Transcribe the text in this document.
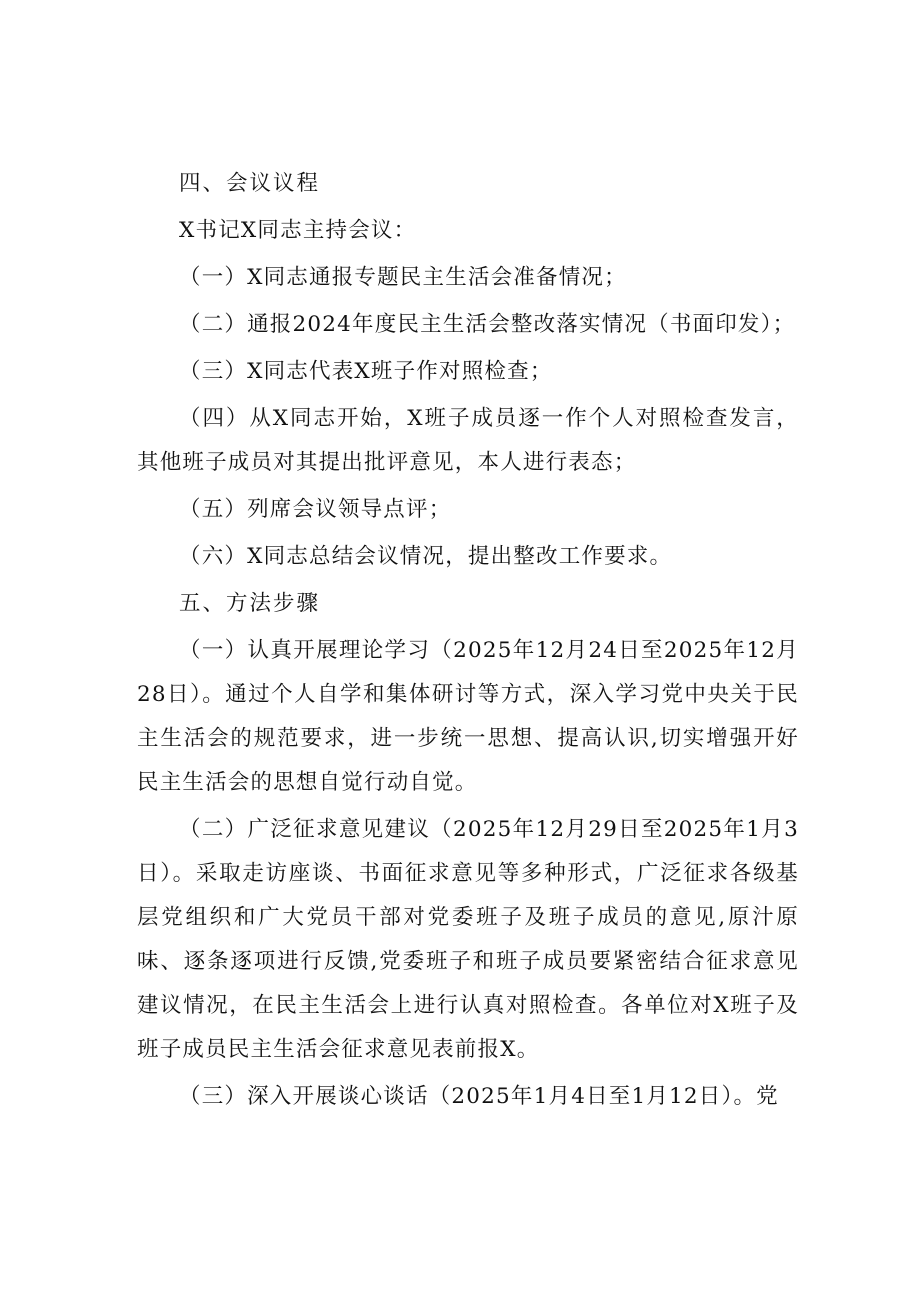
四、会议议程

X书记X同志主持会议：

（一）X同志通报专题民主生活会准备情况；

（二）通报2024年度民主生活会整改落实情况（书面印发）；

（三）X同志代表X班子作对照检查；

（四）从X同志开始，X班子成员逐一作个人对照检查发言，其他班子成员对其提出批评意见，本人进行表态；

（五）列席会议领导点评；

（六）X同志总结会议情况，提出整改工作要求。

五、方法步骤

（一）认真开展理论学习（2025年12月24日至2025年12月28日）。通过个人自学和集体研讨等方式，深入学习党中央关于民主生活会的规范要求，进一步统一思想、提高认识,切实增强开好民主生活会的思想自觉行动自觉。

（二）广泛征求意见建议（2025年12月29日至2025年1月3日）。采取走访座谈、书面征求意见等多种形式，广泛征求各级基层党组织和广大党员干部对党委班子及班子成员的意见,原汁原味、逐条逐项进行反馈,党委班子和班子成员要紧密结合征求意见建议情况，在民主生活会上进行认真对照检查。各单位对X班子及班子成员民主生活会征求意见表前报X。

（三）深入开展谈心谈话（2025年1月4日至1月12日）。党
